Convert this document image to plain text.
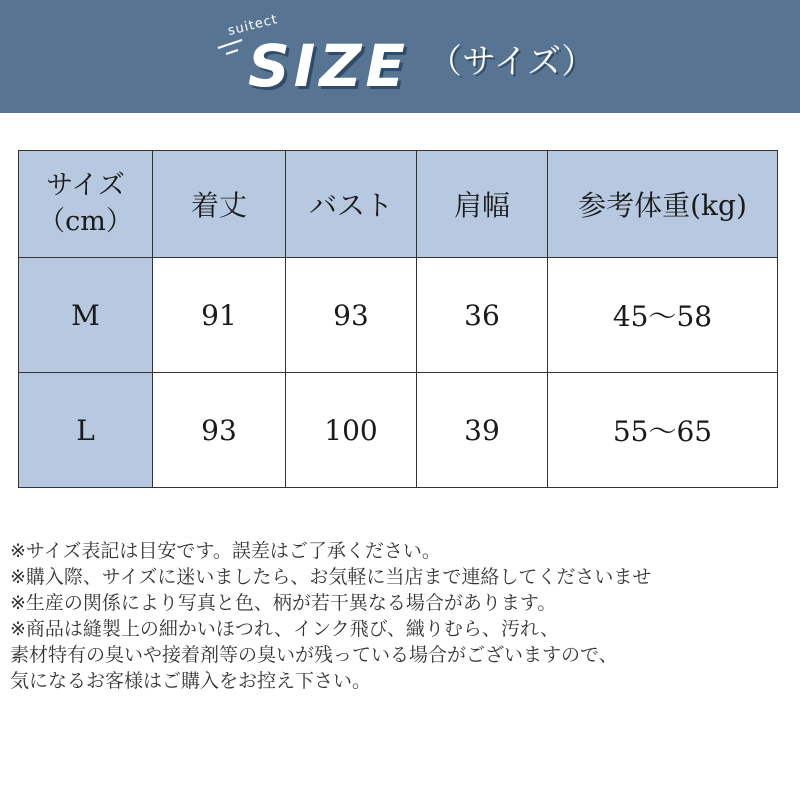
suitect
SIZE （サイズ）
サイズ
（cm）	着丈	バスト	肩幅	参考体重(kg)
M	91	93	36	45～58
L	93	100	39	55～65
※サイズ表記は目安です。誤差はご了承ください。
※購入際、サイズに迷いましたら、お気軽に当店まで連絡してくださいませ
※生産の関係により写真と色、柄が若干異なる場合があります。
※商品は縫製上の細かいほつれ、インク飛び、織りむら、汚れ、
素材特有の臭いや接着剤等の臭いが残っている場合がございますので、
気になるお客様はご購入をお控え下さい。
